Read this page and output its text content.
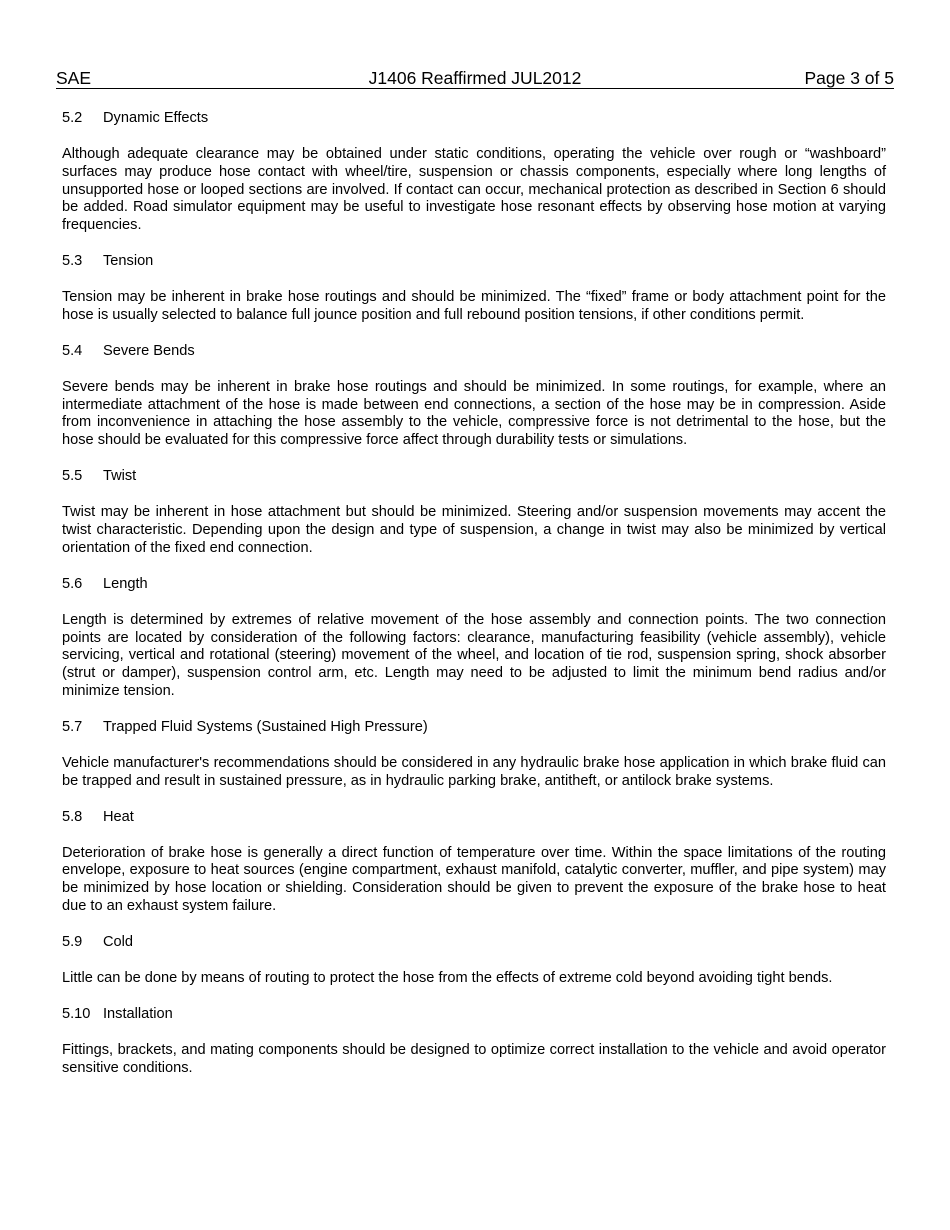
SAE	J1406 Reaffirmed JUL2012	Page 3 of 5
5.2 Dynamic Effects

Although adequate clearance may be obtained under static conditions, operating the vehicle over rough or “washboard” surfaces may produce hose contact with wheel/tire, suspension or chassis components, especially where long lengths of unsupported hose or looped sections are involved. If contact can occur, mechanical protection as described in Section 6 should be added. Road simulator equipment may be useful to investigate hose resonant effects by observing hose motion at varying frequencies.

5.3 Tension

Tension may be inherent in brake hose routings and should be minimized. The “fixed” frame or body attachment point for the hose is usually selected to balance full jounce position and full rebound position tensions, if other conditions permit.

5.4 Severe Bends

Severe bends may be inherent in brake hose routings and should be minimized. In some routings, for example, where an intermediate attachment of the hose is made between end connections, a section of the hose may be in compression. Aside from inconvenience in attaching the hose assembly to the vehicle, compressive force is not detrimental to the hose, but the hose should be evaluated for this compressive force affect through durability tests or simulations.

5.5 Twist

Twist may be inherent in hose attachment but should be minimized. Steering and/or suspension movements may accent the twist characteristic. Depending upon the design and type of suspension, a change in twist may also be minimized by vertical orientation of the fixed end connection.

5.6 Length

Length is determined by extremes of relative movement of the hose assembly and connection points. The two connection points are located by consideration of the following factors: clearance, manufacturing feasibility (vehicle assembly), vehicle servicing, vertical and rotational (steering) movement of the wheel, and location of tie rod, suspension spring, shock absorber (strut or damper), suspension control arm, etc. Length may need to be adjusted to limit the minimum bend radius and/or minimize tension.

5.7 Trapped Fluid Systems (Sustained High Pressure)

Vehicle manufacturer's recommendations should be considered in any hydraulic brake hose application in which brake fluid can be trapped and result in sustained pressure, as in hydraulic parking brake, antitheft, or antilock brake systems.

5.8 Heat

Deterioration of brake hose is generally a direct function of temperature over time. Within the space limitations of the routing envelope, exposure to heat sources (engine compartment, exhaust manifold, catalytic converter, muffler, and pipe system) may be minimized by hose location or shielding. Consideration should be given to prevent the exposure of the brake hose to heat due to an exhaust system failure.

5.9 Cold

Little can be done by means of routing to protect the hose from the effects of extreme cold beyond avoiding tight bends.

5.10 Installation

Fittings, brackets, and mating components should be designed to optimize correct installation to the vehicle and avoid operator sensitive conditions.
